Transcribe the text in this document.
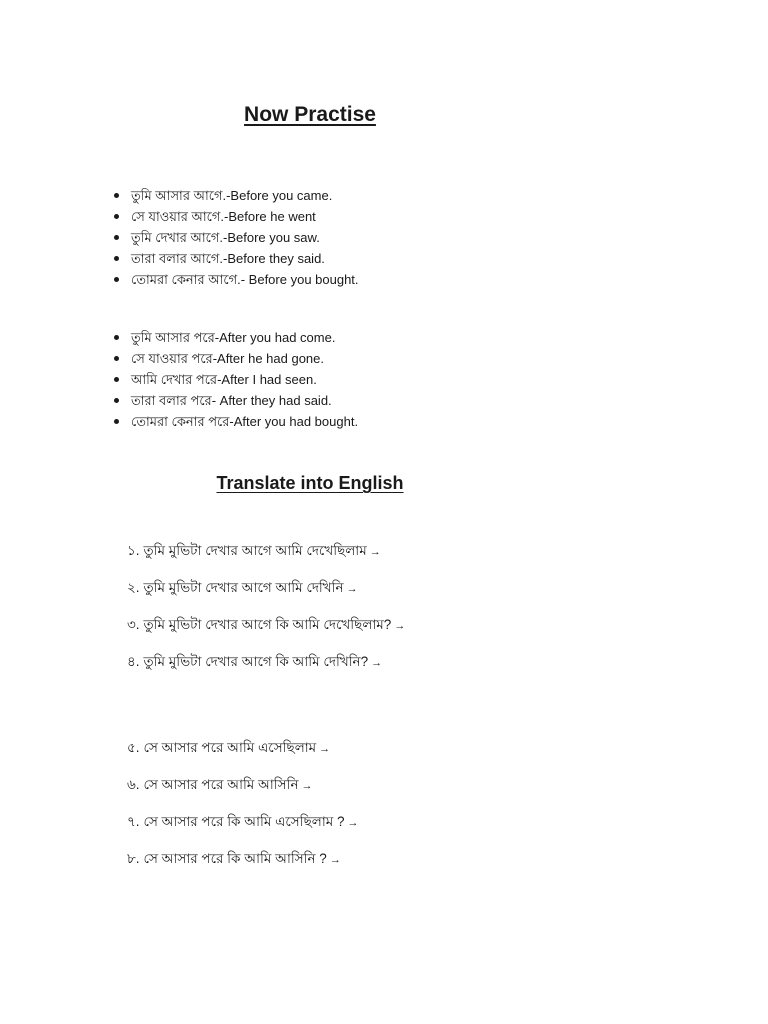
Now Practise
তুমি আসার আগে.-Before you came.
সে যাওয়ার আগে.-Before he went
তুমি দেখার আগে.-Before you saw.
তারা বলার আগে.-Before they said.
তোমরা কেনার আগে.- Before you bought.
তুমি আসার পরে-After you had come.
সে যাওয়ার পরে-After he had gone.
আমি দেখার পরে-After I had seen.
তারা বলার পরে- After they had said.
তোমরা কেনার পরে-After you had bought.
Translate into English
১. তুমি মুভিটা দেখার আগে আমি দেখেছিলাম →
২. তুমি মুভিটা দেখার আগে আমি দেখিনি →
৩. তুমি মুভিটা দেখার আগে কি আমি দেখেছিলাম? →
৪. তুমি মুভিটা দেখার আগে কি আমি দেখিনি? →
৫. সে আসার পরে আমি এসেছিলাম →
৬. সে আসার পরে আমি আসিনি →
৭. সে আসার পরে কি আমি এসেছিলাম ? →
৮. সে আসার পরে কি আমি আসিনি ? →
